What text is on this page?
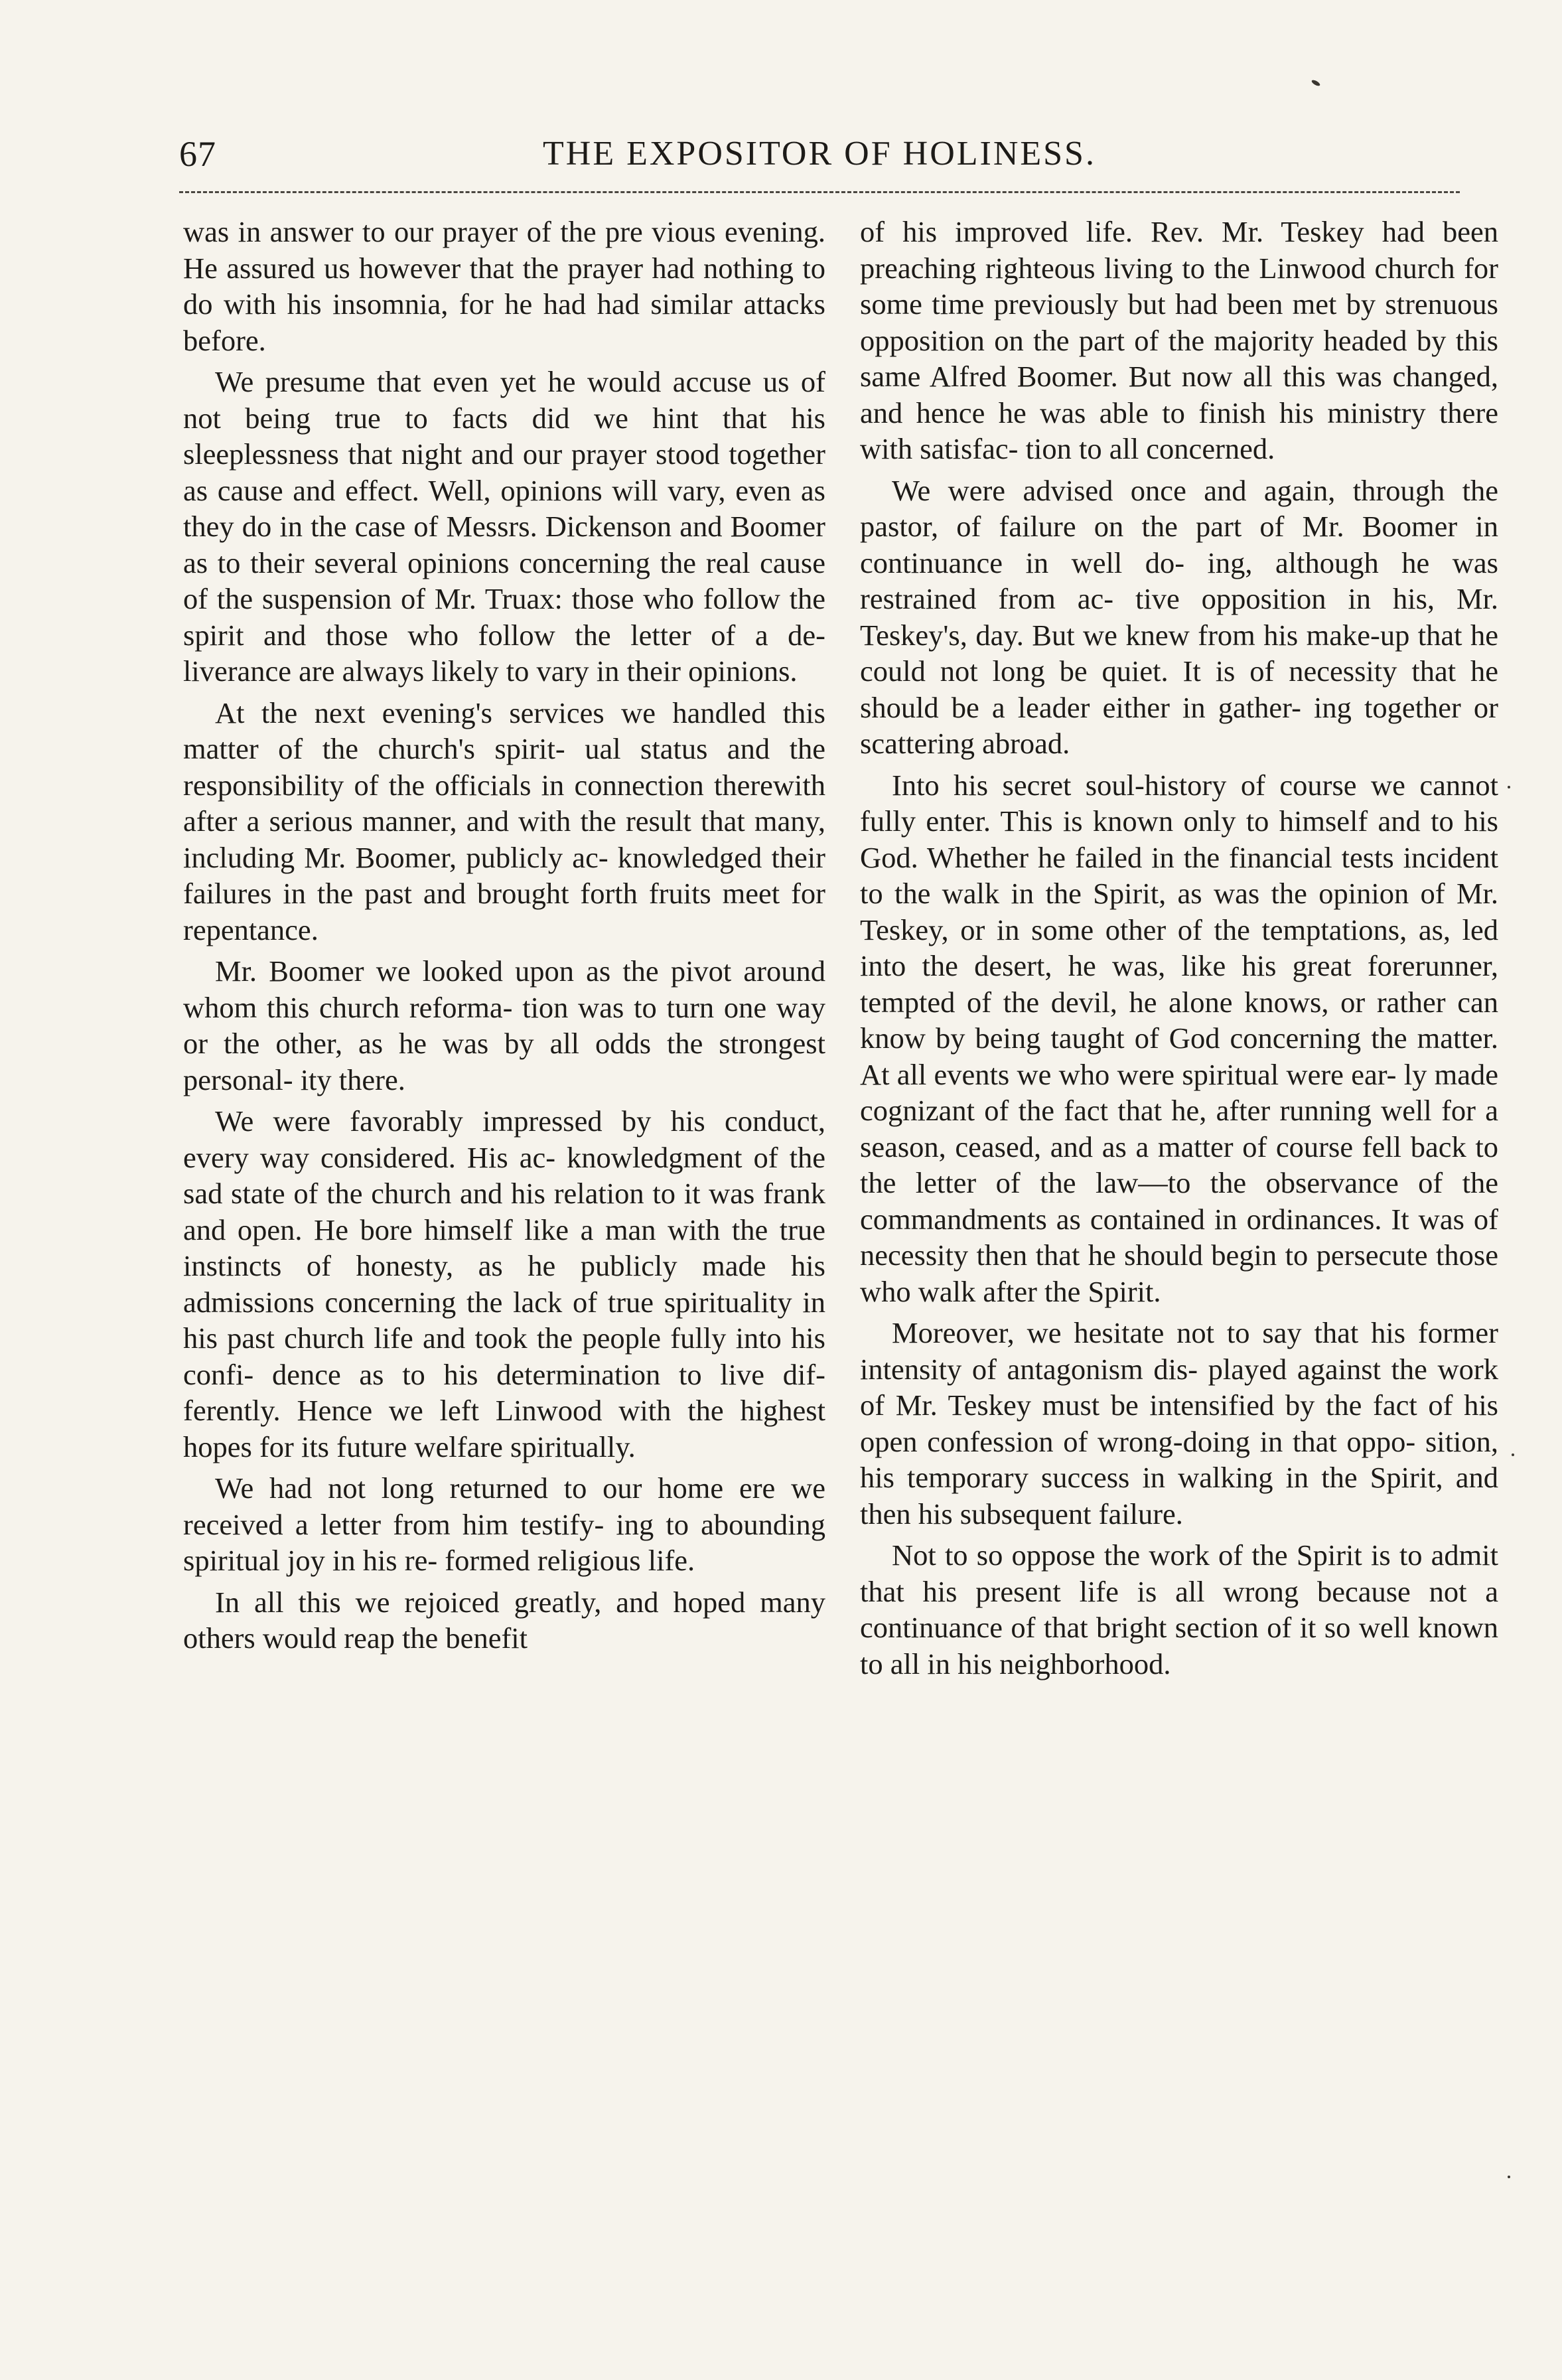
67	THE EXPOSITOR OF HOLINESS.

was in answer to our prayer of the pre vious evening. He assured us however that the prayer had nothing to do with his insomnia, for he had had similar attacks before.

We presume that even yet he would accuse us of not being true to facts did we hint that his sleeplessness that night and our prayer stood together as cause and effect. Well, opinions will vary, even as they do in the case of Messrs. Dickenson and Boomer as to their several opinions concerning the real cause of the suspension of Mr. Truax: those who follow the spirit and those who follow the letter of a de- liverance are always likely to vary in their opinions.

At the next evening's services we handled this matter of the church's spirit- ual status and the responsibility of the officials in connection therewith after a serious manner, and with the result that many, including Mr. Boomer, publicly ac- knowledged their failures in the past and brought forth fruits meet for repentance.

Mr. Boomer we looked upon as the pivot around whom this church reforma- tion was to turn one way or the other, as he was by all odds the strongest personal- ity there.

We were favorably impressed by his conduct, every way considered. His ac- knowledgment of the sad state of the church and his relation to it was frank and open. He bore himself like a man with the true instincts of honesty, as he publicly made his admissions concerning the lack of true spirituality in his past church life and took the people fully into his confi- dence as to his determination to live dif- ferently. Hence we left Linwood with the highest hopes for its future welfare spiritually.

We had not long returned to our home ere we received a letter from him testify- ing to abounding spiritual joy in his re- formed religious life.

In all this we rejoiced greatly, and hoped many others would reap the benefit

of his improved life. Rev. Mr. Teskey had been preaching righteous living to the Linwood church for some time previously but had been met by strenuous opposition on the part of the majority headed by this same Alfred Boomer. But now all this was changed, and hence he was able to finish his ministry there with satisfac- tion to all concerned.

We were advised once and again, through the pastor, of failure on the part of Mr. Boomer in continuance in well do- ing, although he was restrained from ac- tive opposition in his, Mr. Teskey's, day. But we knew from his make-up that he could not long be quiet. It is of necessity that he should be a leader either in gather- ing together or scattering abroad.

Into his secret soul-history of course we cannot fully enter. This is known only to himself and to his God. Whether he failed in the financial tests incident to the walk in the Spirit, as was the opinion of Mr. Teskey, or in some other of the temptations, as, led into the desert, he was, like his great forerunner, tempted of the devil, he alone knows, or rather can know by being taught of God concerning the matter. At all events we who were spiritual were ear- ly made cognizant of the fact that he, after running well for a season, ceased, and as a matter of course fell back to the letter of the law—to the observance of the commandments as contained in ordinances. It was of necessity then that he should begin to persecute those who walk after the Spirit.

Moreover, we hesitate not to say that his former intensity of antagonism dis- played against the work of Mr. Teskey must be intensified by the fact of his open confession of wrong-doing in that oppo- sition, his temporary success in walking in the Spirit, and then his subsequent failure.

Not to so oppose the work of the Spirit is to admit that his present life is all wrong because not a continuance of that bright section of it so well known to all in his neighborhood.
